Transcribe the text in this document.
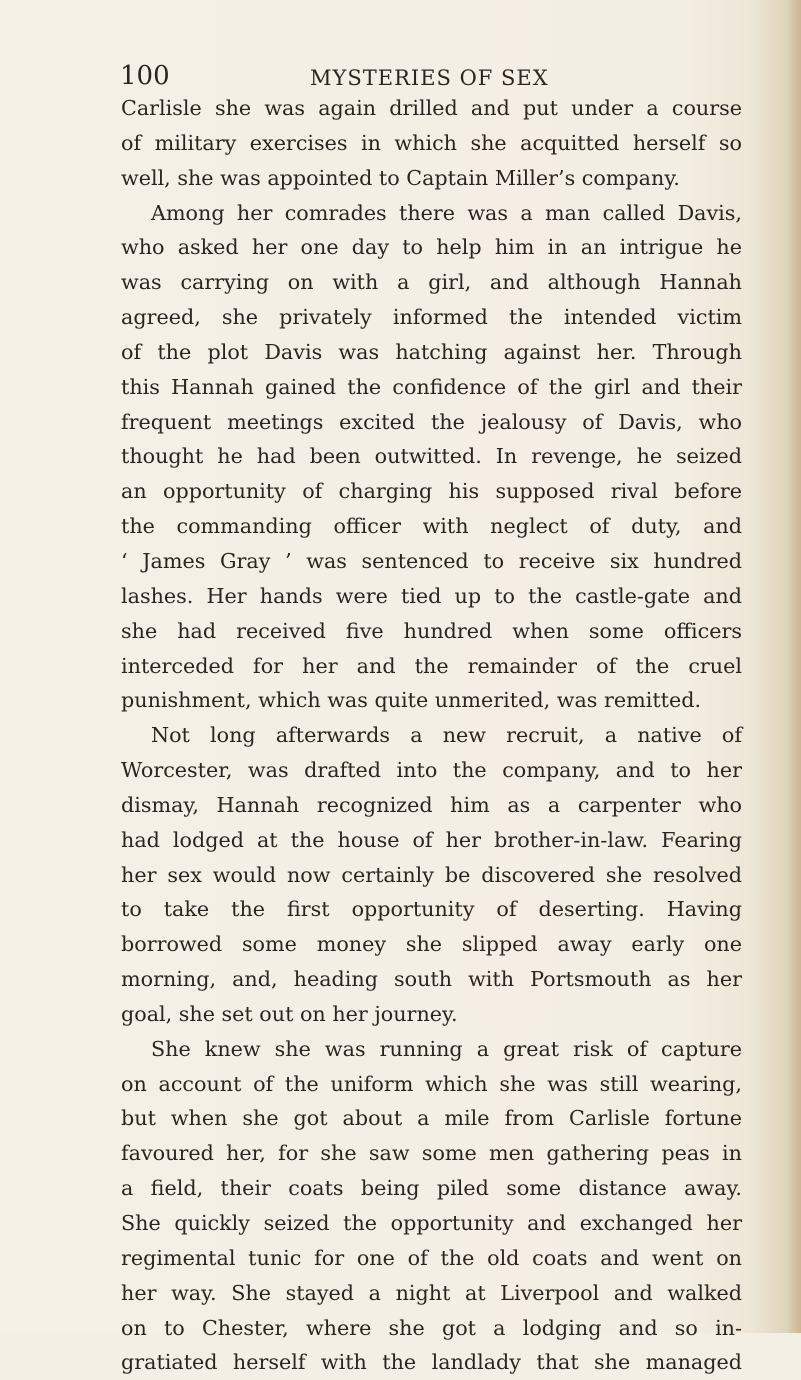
100	MYSTERIES OF SEX
Carlisle she was again drilled and put under a course
of military exercises in which she acquitted herself so
well, she was appointed to Captain Miller’s company.
Among her comrades there was a man called Davis,
who asked her one day to help him in an intrigue he
was carrying on with a girl, and although Hannah
agreed, she privately informed the intended victim
of the plot Davis was hatching against her. Through
this Hannah gained the confidence of the girl and their
frequent meetings excited the jealousy of Davis, who
thought he had been outwitted. In revenge, he seized
an opportunity of charging his supposed rival before
the commanding officer with neglect of duty, and
‘ James Gray ’ was sentenced to receive six hundred
lashes. Her hands were tied up to the castle-gate and
she had received five hundred when some officers
interceded for her and the remainder of the cruel
punishment, which was quite unmerited, was remitted.
Not long afterwards a new recruit, a native of
Worcester, was drafted into the company, and to her
dismay, Hannah recognized him as a carpenter who
had lodged at the house of her brother-in-law. Fearing
her sex would now certainly be discovered she resolved
to take the first opportunity of deserting. Having
borrowed some money she slipped away early one
morning, and, heading south with Portsmouth as her
goal, she set out on her journey.
She knew she was running a great risk of capture
on account of the uniform which she was still wearing,
but when she got about a mile from Carlisle fortune
favoured her, for she saw some men gathering peas in
a field, their coats being piled some distance away.
She quickly seized the opportunity and exchanged her
regimental tunic for one of the old coats and went on
her way. She stayed a night at Liverpool and walked
on to Chester, where she got a lodging and so in-
gratiated herself with the landlady that she managed
